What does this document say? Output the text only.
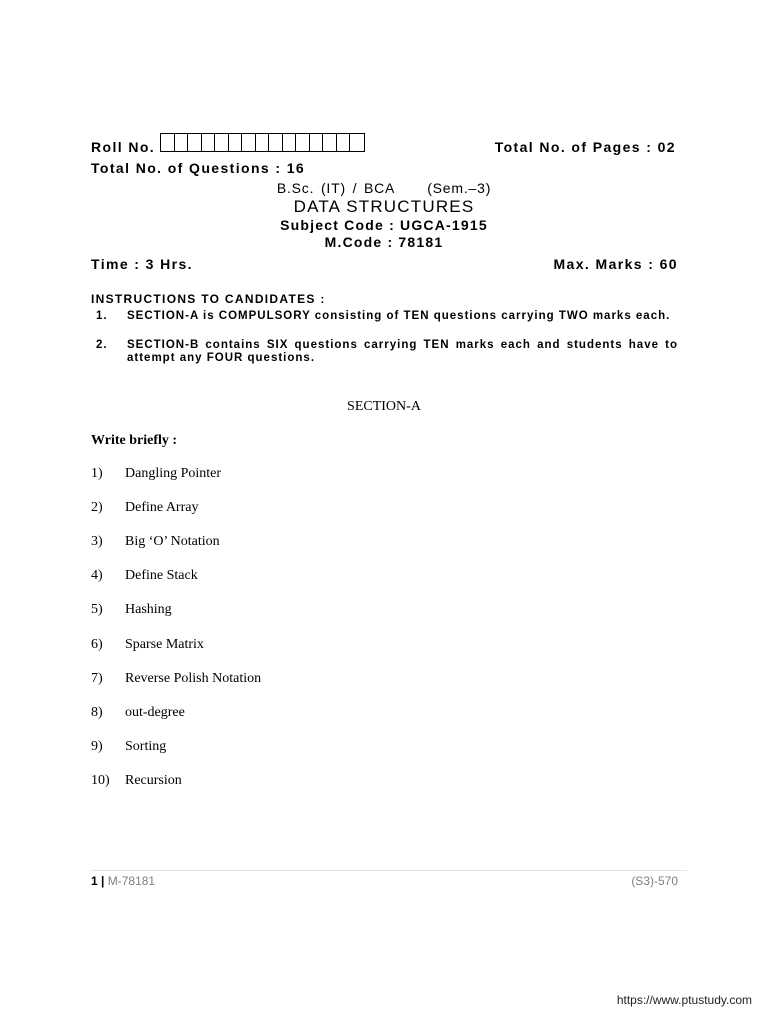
Roll No.	Total No. of Pages : 02
Total No. of Questions : 16
B.Sc. (IT) / BCA (Sem.–3)
DATA STRUCTURES
Subject Code : UGCA-1915
M.Code : 78181
Time : 3 Hrs.	Max. Marks : 60
INSTRUCTIONS TO CANDIDATES :
1.	SECTION-A is COMPULSORY consisting of TEN questions carrying TWO marks each.
2.	SECTION-B contains SIX questions carrying TEN marks each and students have to attempt any FOUR questions.
SECTION-A
Write briefly :
1)	Dangling Pointer
2)	Define Array
3)	Big ‘O’ Notation
4)	Define Stack
5)	Hashing
6)	Sparse Matrix
7)	Reverse Polish Notation
8)	out-degree
9)	Sorting
10)	Recursion
1 | M-78181	(S3)-570
https://www.ptustudy.com
